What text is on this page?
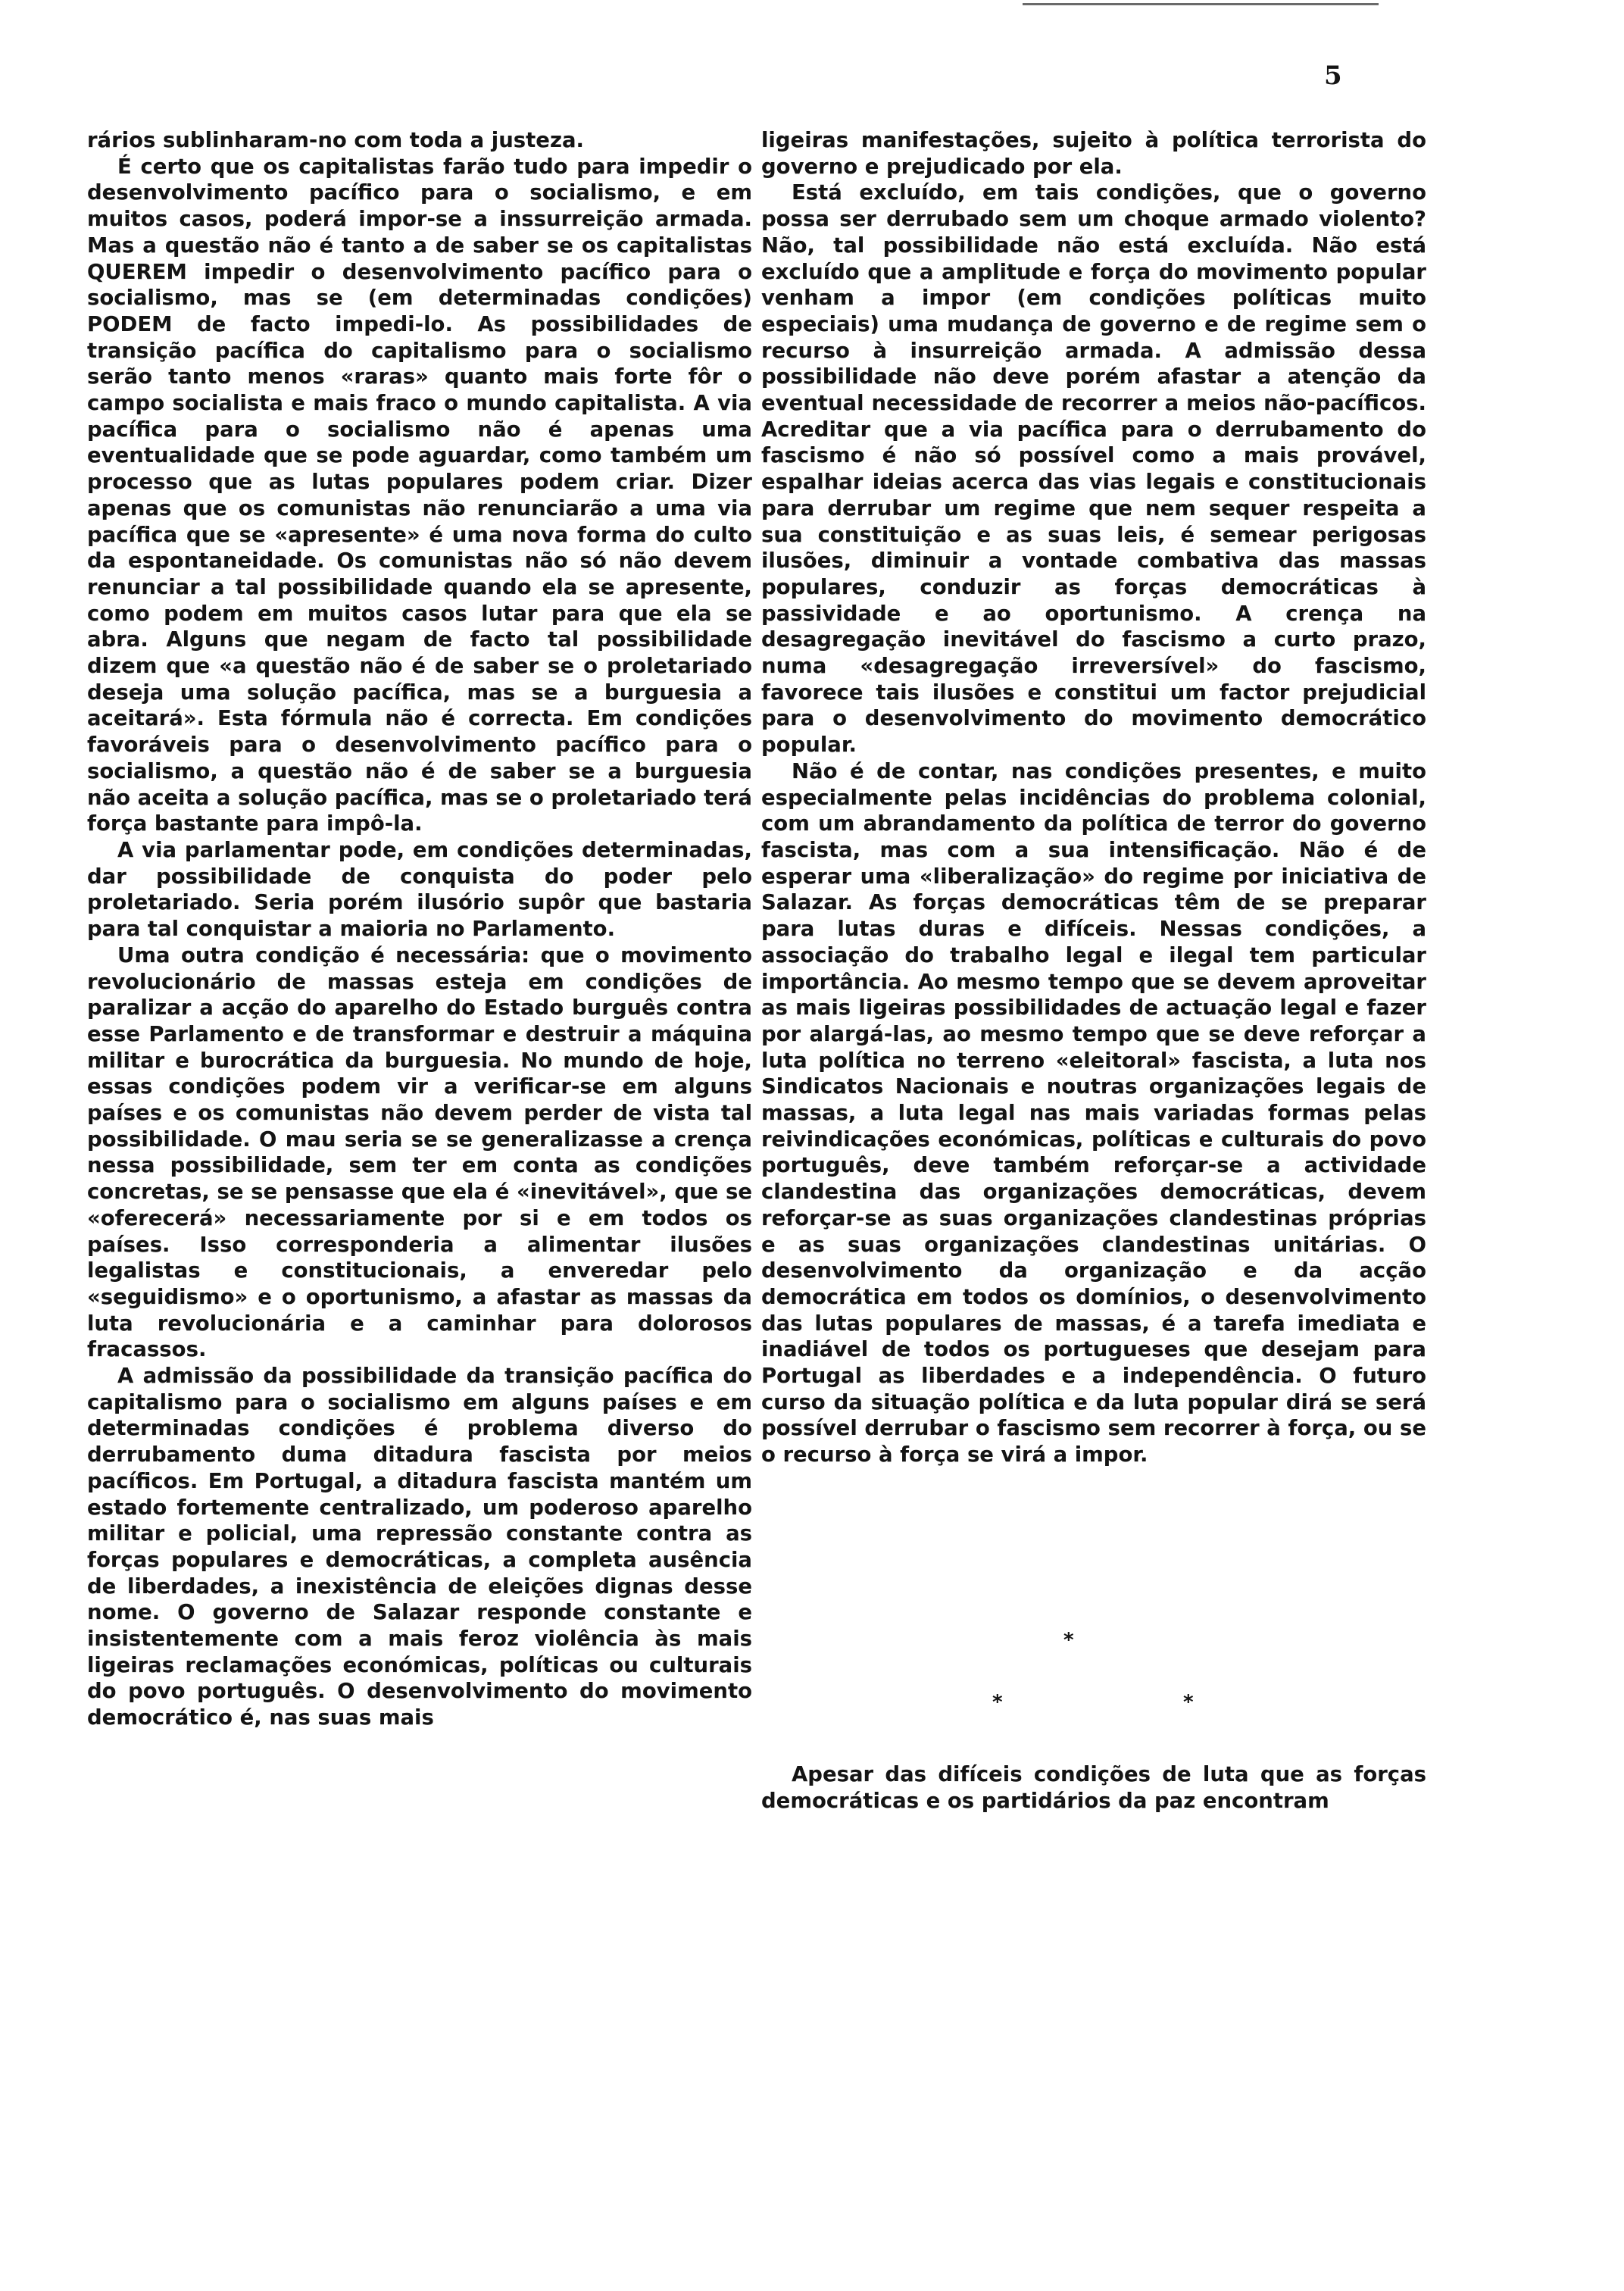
5

rários sublinharam-no com toda a justeza.

É certo que os capitalistas farão tudo para impedir o desenvolvimento pacífico para o socialismo, e em muitos casos, poderá impor-se a inssurreição armada. Mas a questão não é tanto a de saber se os capitalistas QUEREM impedir o desenvolvimento pacífico para o socialismo, mas se (em determinadas condições) PODEM de facto impedi-lo. As possibilidades de transição pacífica do capitalismo para o socialismo serão tanto menos «raras» quanto mais forte fôr o campo socialista e mais fraco o mundo capitalista. A via pacífica para o socialismo não é apenas uma eventualidade que se pode aguardar, como também um processo que as lutas populares podem criar. Dizer apenas que os comunistas não renunciarão a uma via pacífica que se «apresente» é uma nova forma do culto da espontaneidade. Os comunistas não só não devem renunciar a tal possibilidade quando ela se apresente, como podem em muitos casos lutar para que ela se abra. Alguns que negam de facto tal possibilidade dizem que «a questão não é de saber se o proletariado deseja uma solução pacífica, mas se a burguesia a aceitará». Esta fórmula não é correcta. Em condições favoráveis para o desenvolvimento pacífico para o socialismo, a questão não é de saber se a burguesia não aceita a solução pacífica, mas se o proletariado terá força bastante para impô-la.

A via parlamentar pode, em condições determinadas, dar possibilidade de conquista do poder pelo proletariado. Seria porém ilusório supôr que bastaria para tal conquistar a maioria no Parlamento.

Uma outra condição é necessária: que o movimento revolucionário de massas esteja em condições de paralizar a acção do aparelho do Estado burguês contra esse Parlamento e de transformar e destruir a máquina militar e burocrática da burguesia. No mundo de hoje, essas condições podem vir a verificar-se em alguns países e os comunistas não devem perder de vista tal possibilidade. O mau seria se se generalizasse a crença nessa possibilidade, sem ter em conta as condições concretas, se se pensasse que ela é «inevitável», que se «oferecerá» necessariamente por si e em todos os países. Isso corresponderia a alimentar ilusões legalistas e constitucionais, a enveredar pelo «seguidismo» e o oportunismo, a afastar as massas da luta revolucionária e a caminhar para dolorosos fracassos.

A admissão da possibilidade da transição pacífica do capitalismo para o socialismo em alguns países e em determinadas condições é problema diverso do derrubamento duma ditadura fascista por meios pacíficos. Em Portugal, a ditadura fascista mantém um estado fortemente centralizado, um poderoso aparelho militar e policial, uma repressão constante contra as forças populares e democráticas, a completa ausência de liberdades, a inexistência de eleições dignas desse nome. O governo de Salazar responde constante e insistentemente com a mais feroz violência às mais ligeiras reclamações económicas, políticas ou culturais do povo português. O desenvolvimento do movimento democrático é, nas suas mais

ligeiras manifestações, sujeito à política terrorista do governo e prejudicado por ela.

Está excluído, em tais condições, que o governo possa ser derrubado sem um choque armado violento? Não, tal possibilidade não está excluída. Não está excluído que a amplitude e força do movimento popular venham a impor (em condições políticas muito especiais) uma mudança de governo e de regime sem o recurso à insurreição armada. A admissão dessa possibilidade não deve porém afastar a atenção da eventual necessidade de recorrer a meios não-pacíficos. Acreditar que a via pacífica para o derrubamento do fascismo é não só possível como a mais provável, espalhar ideias acerca das vias legais e constitucionais para derrubar um regime que nem sequer respeita a sua constituição e as suas leis, é semear perigosas ilusões, diminuir a vontade combativa das massas populares, conduzir as forças democráticas à passividade e ao oportunismo. A crença na desagregação inevitável do fascismo a curto prazo, numa «desagregação irreversível» do fascismo, favorece tais ilusões e constitui um factor prejudicial para o desenvolvimento do movimento democrático popular.

Não é de contar, nas condições presentes, e muito especialmente pelas incidências do problema colonial, com um abrandamento da política de terror do governo fascista, mas com a sua intensificação. Não é de esperar uma «liberalização» do regime por iniciativa de Salazar. As forças democráticas têm de se preparar para lutas duras e difíceis. Nessas condições, a associação do trabalho legal e ilegal tem particular importância. Ao mesmo tempo que se devem aproveitar as mais ligeiras possibilidades de actuação legal e fazer por alargá-las, ao mesmo tempo que se deve reforçar a luta política no terreno «eleitoral» fascista, a luta nos Sindicatos Nacionais e noutras organizações legais de massas, a luta legal nas mais variadas formas pelas reivindicações económicas, políticas e culturais do povo português, deve também reforçar-se a actividade clandestina das organizações democráticas, devem reforçar-se as suas organizações clandestinas próprias e as suas organizações clandestinas unitárias. O desenvolvimento da organização e da acção democrática em todos os domínios, o desenvolvimento das lutas populares de massas, é a tarefa imediata e inadiável de todos os portugueses que desejam para Portugal as liberdades e a independência. O futuro curso da situação política e da luta popular dirá se será possível derrubar o fascismo sem recorrer à força, ou se o recurso à força se virá a impor.

*
*	*

Apesar das difíceis condições de luta que as forças democráticas e os partidários da paz encontram
